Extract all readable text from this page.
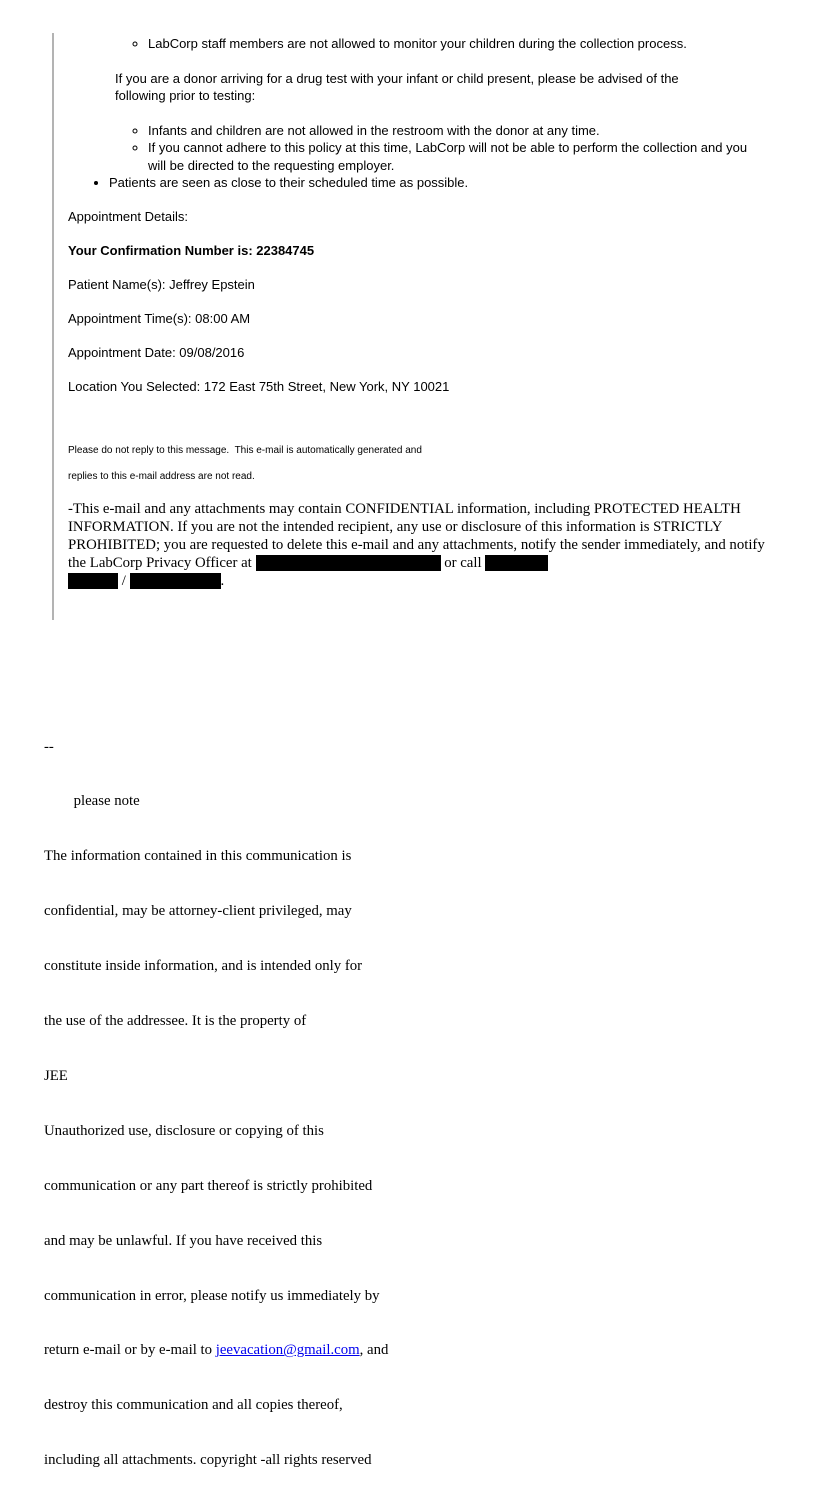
◦ LabCorp staff members are not allowed to monitor your children during the collection process.

If you are a donor arriving for a drug test with your infant or child present, please be advised of the following prior to testing:

◦ Infants and children are not allowed in the restroom with the donor at any time.
◦ If you cannot adhere to this policy at this time, LabCorp will not be able to perform the collection and you will be directed to the requesting employer.
• Patients are seen as close to their scheduled time as possible.

Appointment Details:

Your Confirmation Number is: 22384745

Patient Name(s): Jeffrey Epstein

Appointment Time(s): 08:00 AM

Appointment Date: 09/08/2016

Location You Selected: 172 East 75th Street, New York, NY 10021

Please do not reply to this message.  This e-mail is automatically generated and

replies to this e-mail address are not read.

-This e-mail and any attachments may contain CONFIDENTIAL information, including PROTECTED HEALTH INFORMATION. If you are not the intended recipient, any use or disclosure of this information is STRICTLY PROHIBITED; you are requested to delete this e-mail and any attachments, notify the sender immediately, and notify the LabCorp Privacy Officer at	or call
/	.

--

please note

The information contained in this communication is

confidential, may be attorney-client privileged, may

constitute inside information, and is intended only for

the use of the addressee. It is the property of

JEE

Unauthorized use, disclosure or copying of this

communication or any part thereof is strictly prohibited

and may be unlawful. If you have received this

communication in error, please notify us immediately by

return e-mail or by e-mail to jeevacation@gmail.com, and

destroy this communication and all copies thereof,

including all attachments. copyright -all rights reserved
